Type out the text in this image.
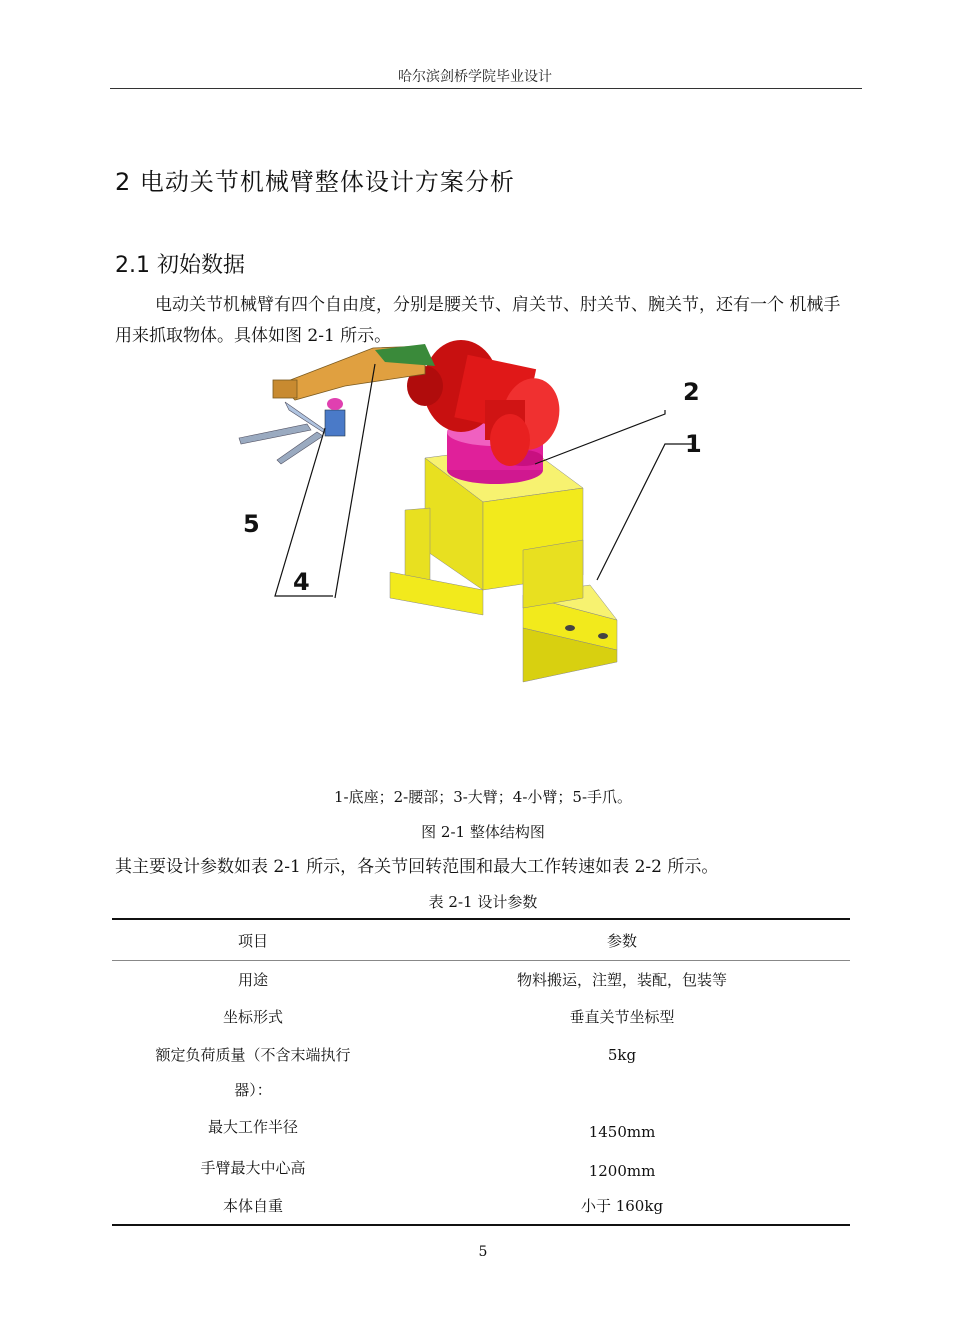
哈尔滨剑桥学院毕业设计
2 电动关节机械臂整体设计方案分析
2.1 初始数据
电动关节机械臂有四个自由度，分别是腰关节、肩关节、肘关节、腕关节，还有一个 机械手用来抓取物体。具体如图 2-1 所示。
2
1
5
4
1-底座；2-腰部；3-大臂；4-小臂；5-手爪。
图 2-1 整体结构图
其主要设计参数如表 2-1 所示，各关节回转范围和最大工作转速如表 2-2 所示。
表 2-1 设计参数
项目	参数
用途	物料搬运，注塑，装配，包装等
坐标形式	垂直关节坐标型
额定负荷质量（不含末端执行	5kg
器）：	
最大工作半径	1450mm
手臂最大中心高	1200mm
本体自重	小于 160kg
5
